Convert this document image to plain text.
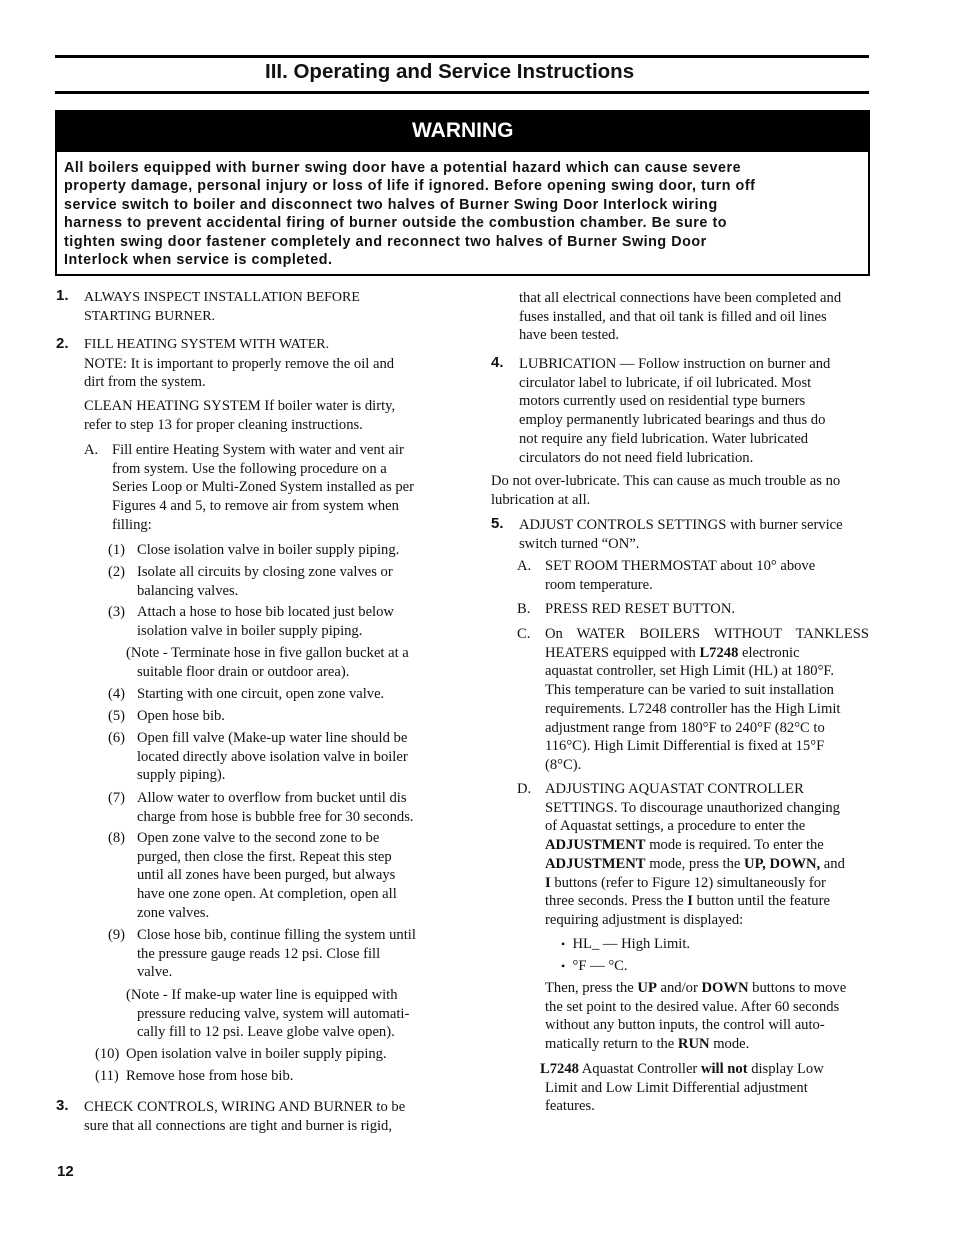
III. Operating and Service Instructions
WARNING
All boilers equipped with burner swing door have a potential hazard which can cause severe
property damage, personal injury or loss of life if ignored. Before opening swing door, turn off
service switch to boiler and disconnect two halves of Burner Swing Door Interlock wiring
harness to prevent accidental firing of burner outside the combustion chamber. Be sure to
tighten swing door fastener completely and reconnect two halves of Burner Swing Door
Interlock when service is completed.
1. ALWAYS INSPECT INSTALLATION BEFORE
STARTING BURNER.
2. FILL HEATING SYSTEM WITH WATER.
NOTE: It is important to properly remove the oil and
dirt from the system.
CLEAN HEATING SYSTEM If boiler water is dirty,
refer to step 13 for proper cleaning instructions.
A. Fill entire Heating System with water and vent air
from system. Use the following procedure on a
Series Loop or Multi-Zoned System installed as per
Figures 4 and 5, to remove air from system when
filling:
(1) Close isolation valve in boiler supply piping.
(2) Isolate all circuits by closing zone valves or
balancing valves.
(3) Attach a hose to hose bib located just below
isolation valve in boiler supply piping.
(Note - Terminate hose in five gallon bucket at a
suitable floor drain or outdoor area).
(4) Starting with one circuit, open zone valve.
(5) Open hose bib.
(6) Open fill valve (Make-up water line should be
located directly above isolation valve in boiler
supply piping).
(7) Allow water to overflow from bucket until dis
charge from hose is bubble free for 30 seconds.
(8) Open zone valve to the second zone to be
purged, then close the first. Repeat this step
until all zones have been purged, but always
have one zone open. At completion, open all
zone valves.
(9) Close hose bib, continue filling the system until
the pressure gauge reads 12 psi. Close fill
valve.
(Note - If make-up water line is equipped with
pressure reducing valve, system will automati-
cally fill to 12 psi. Leave globe valve open).
(10) Open isolation valve in boiler supply piping.
(11) Remove hose from hose bib.
3. CHECK CONTROLS, WIRING AND BURNER to be
sure that all connections are tight and burner is rigid,
that all electrical connections have been completed and
fuses installed, and that oil tank is filled and oil lines
have been tested.
4. LUBRICATION — Follow instruction on burner and
circulator label to lubricate, if oil lubricated. Most
motors currently used on residential type burners
employ permanently lubricated bearings and thus do
not require any field lubrication. Water lubricated
circulators do not need field lubrication.
Do not over-lubricate. This can cause as much trouble as no
lubrication at all.
5. ADJUST CONTROLS SETTINGS with burner service
switch turned “ON”.
A. SET ROOM THERMOSTAT about 10° above
room temperature.
B. PRESS RED RESET BUTTON.
C. On WATER BOILERS WITHOUT TANKLESS
HEATERS equipped with L7248 electronic
aquastat controller, set High Limit (HL) at 180°F.
This temperature can be varied to suit installation
requirements. L7248 controller has the High Limit
adjustment range from 180°F to 240°F (82°C to
116°C). High Limit Differential is fixed at 15°F
(8°C).
D. ADJUSTING AQUASTAT CONTROLLER
SETTINGS. To discourage unauthorized changing
of Aquastat settings, a procedure to enter the
ADJUSTMENT mode is required. To enter the
ADJUSTMENT mode, press the UP, DOWN, and
I buttons (refer to Figure 12) simultaneously for
three seconds. Press the I button until the feature
requiring adjustment is displayed:
• HL_ — High Limit.
• °F — °C.
Then, press the UP and/or DOWN buttons to move
the set point to the desired value. After 60 seconds
without any button inputs, the control will auto-
matically return to the RUN mode.
L7248 Aquastat Controller will not display Low
Limit and Low Limit Differential adjustment
features.
12
